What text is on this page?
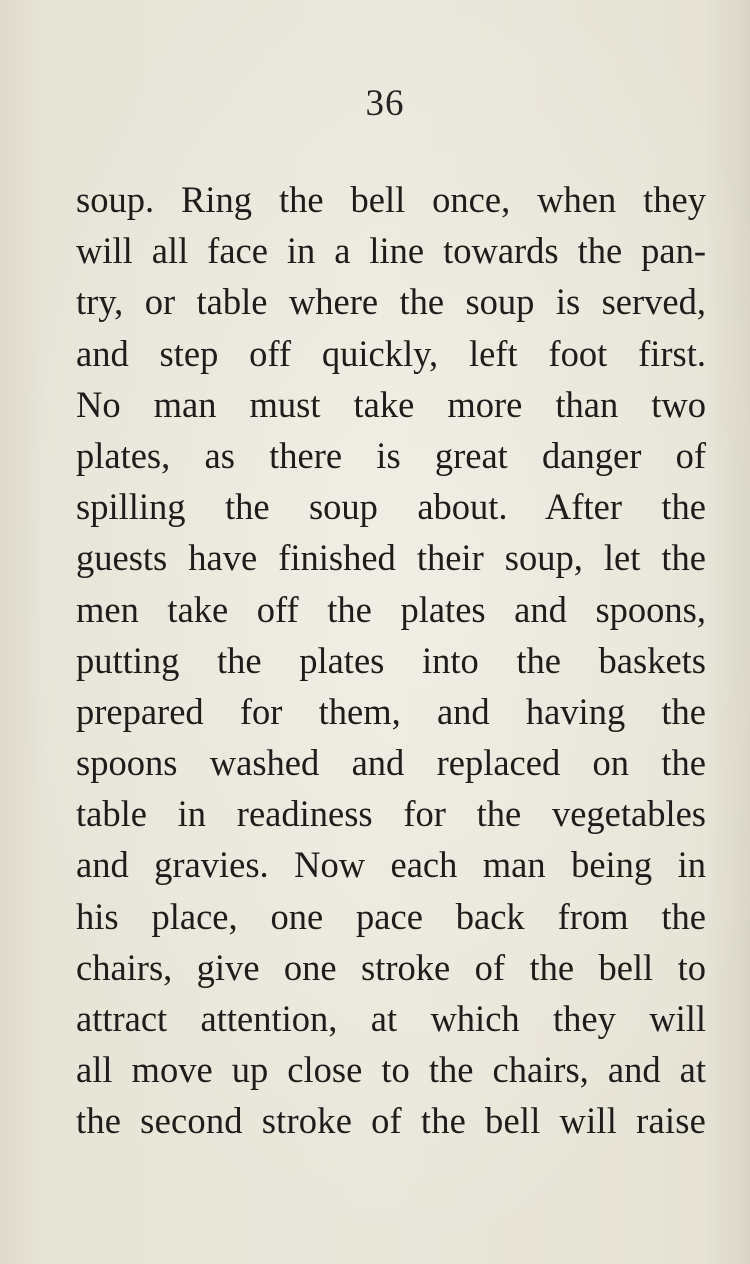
36
soup. Ring the bell once, when they
will all face in a line towards the pan-
try, or table where the soup is served,
and step off quickly, left foot first.
No man must take more than two
plates, as there is great danger of
spilling the soup about. After the
guests have finished their soup, let the
men take off the plates and spoons,
putting the plates into the baskets
prepared for them, and having the
spoons washed and replaced on the
table in readiness for the vegetables
and gravies. Now each man being in
his place, one pace back from the
chairs, give one stroke of the bell to
attract attention, at which they will
all move up close to the chairs, and at
the second stroke of the bell will raise
